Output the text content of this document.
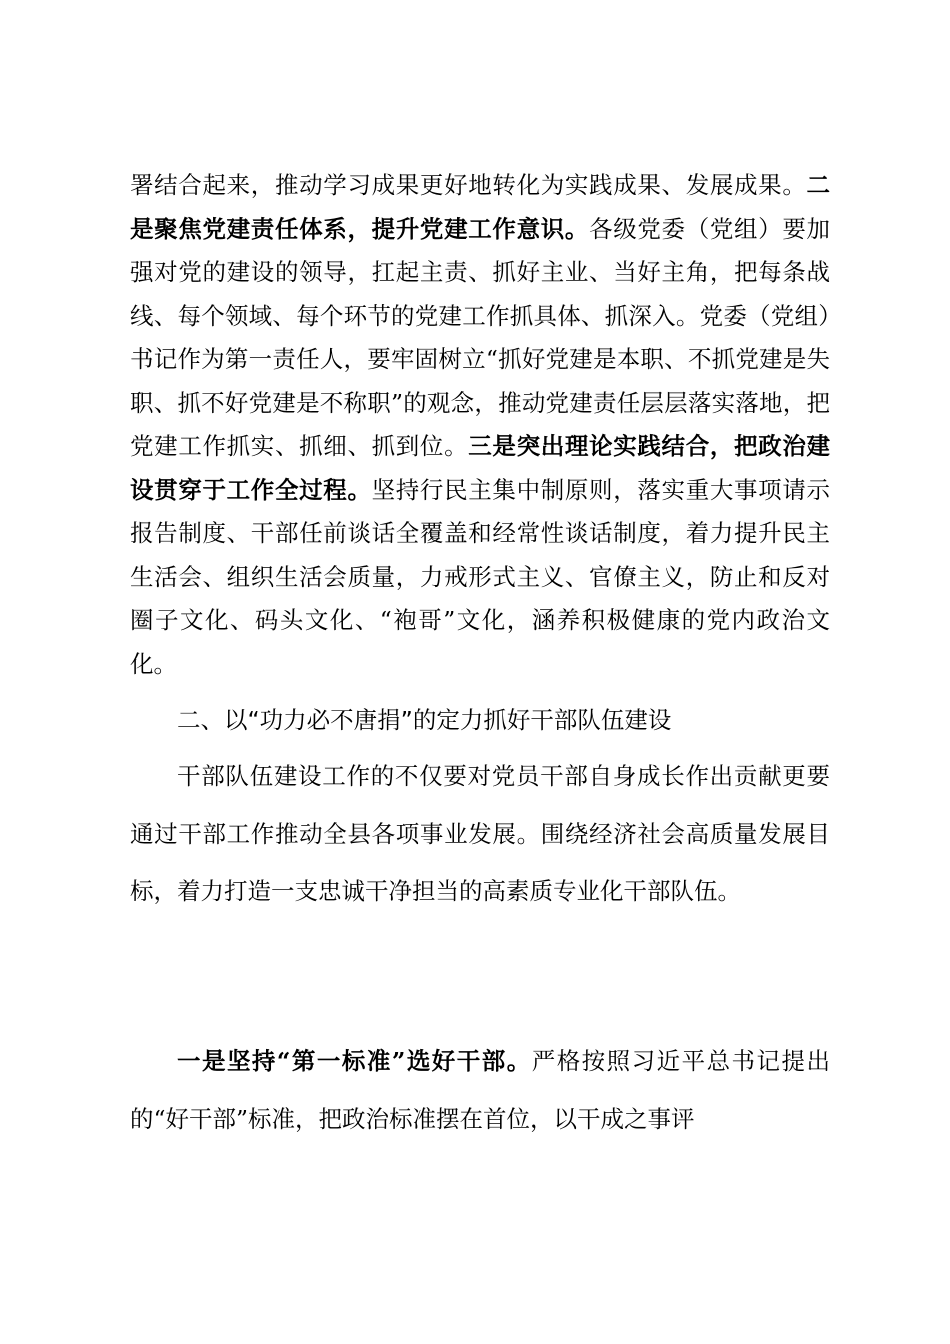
署结合起来，推动学习成果更好地转化为实践成果、发展成果。二是聚焦党建责任体系，提升党建工作意识。各级党委（党组）要加强对党的建设的领导，扛起主责、抓好主业、当好主角，把每条战线、每个领域、每个环节的党建工作抓具体、抓深入。党委（党组）书记作为第一责任人，要牢固树立“抓好党建是本职、不抓党建是失职、抓不好党建是不称职”的观念，推动党建责任层层落实落地，把党建工作抓实、抓细、抓到位。三是突出理论实践结合，把政治建设贯穿于工作全过程。坚持行民主集中制原则，落实重大事项请示报告制度、干部任前谈话全覆盖和经常性谈话制度，着力提升民主生活会、组织生活会质量，力戒形式主义、官僚主义，防止和反对圈子文化、码头文化、“袍哥”文化，涵养积极健康的党内政治文化。

二、以“功力必不唐捐”的定力抓好干部队伍建设

干部队伍建设工作的不仅要对党员干部自身成长作出贡献更要通过干部工作推动全县各项事业发展。围绕经济社会高质量发展目标，着力打造一支忠诚干净担当的高素质专业化干部队伍。

一是坚持“第一标准”选好干部。严格按照习近平总书记提出的“好干部”标准，把政治标准摆在首位，以干成之事评
